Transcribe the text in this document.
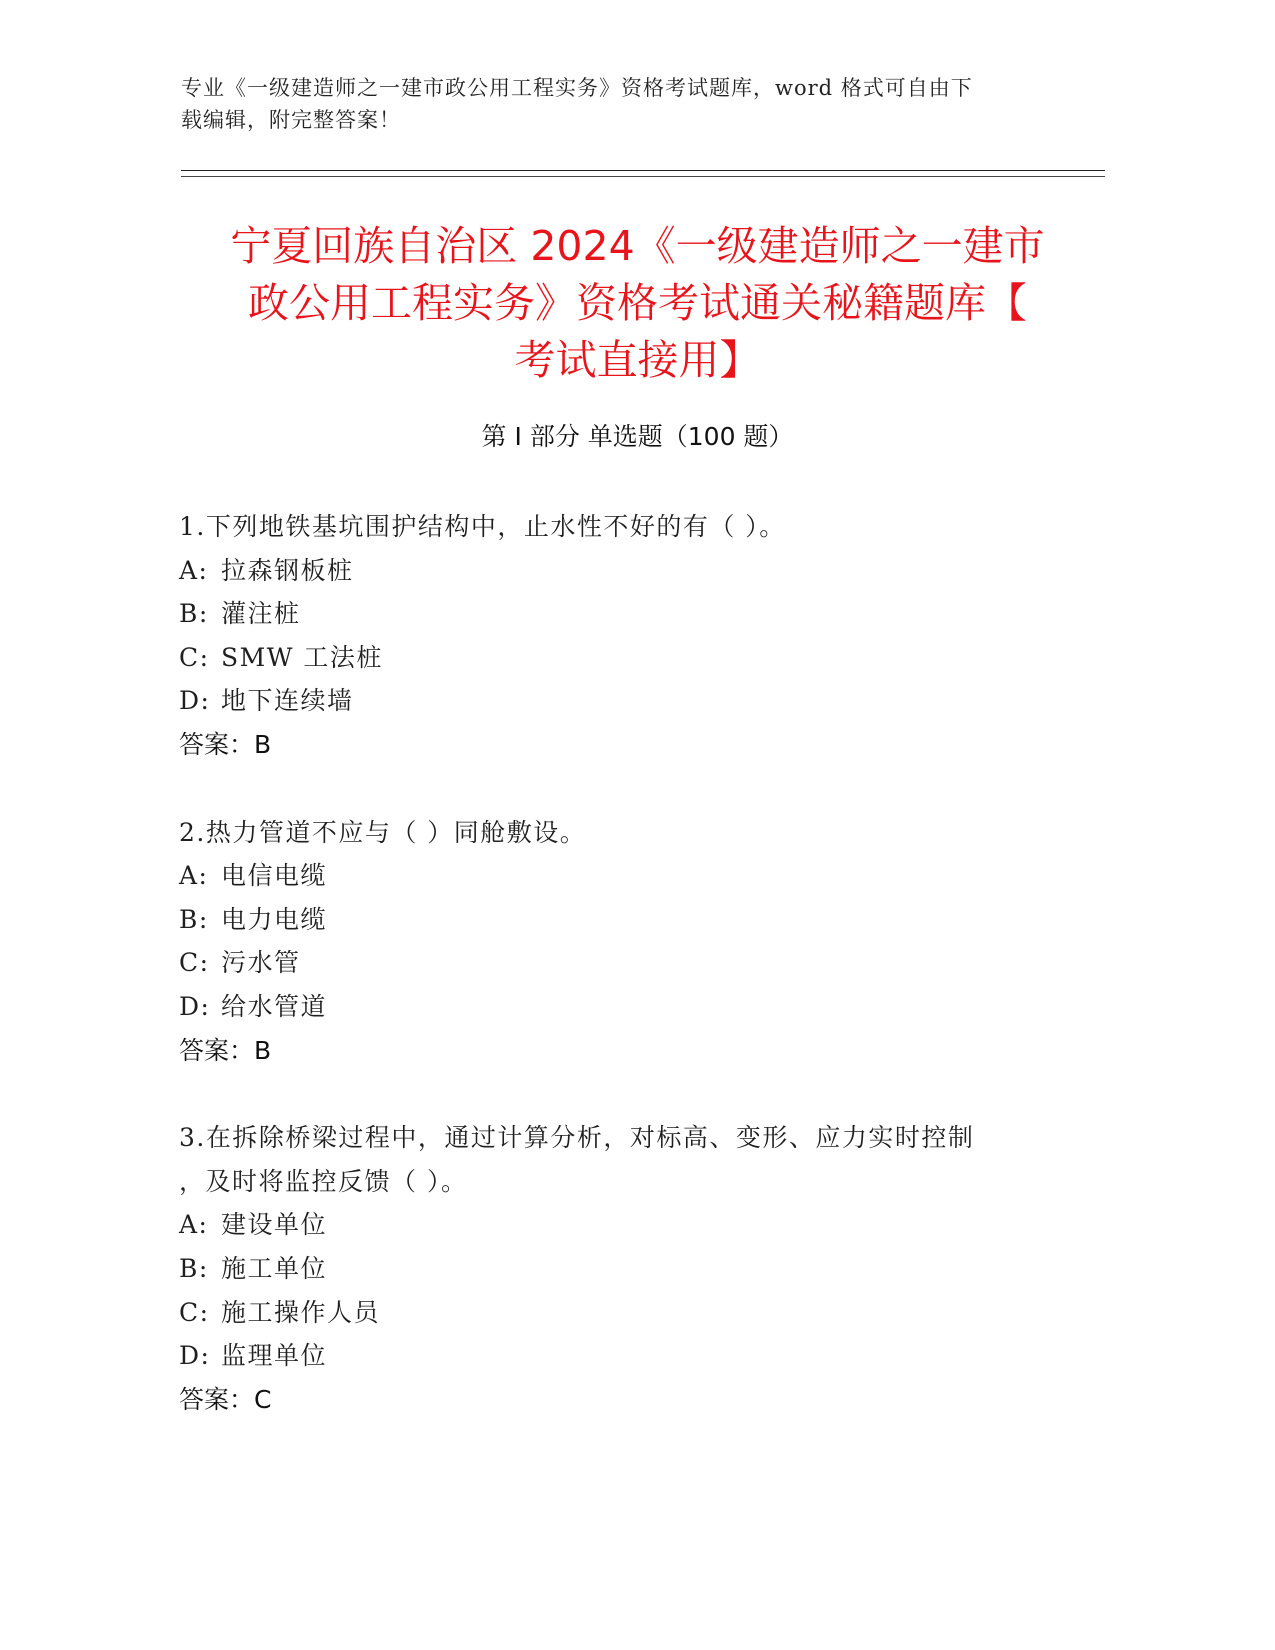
专业《一级建造师之一建市政公用工程实务》资格考试题库，word 格式可自由下
载编辑，附完整答案！
宁夏回族自治区 2024《一级建造师之一建市
政公用工程实务》资格考试通关秘籍题库【
考试直接用】
第 I 部分 单选题（100 题）
1.下列地铁基坑围护结构中，止水性不好的有（ ）。
A: 拉森钢板桩
B: 灌注桩
C: SMW 工法桩
D: 地下连续墙
答案：B
2.热力管道不应与（ ）同舱敷设。
A: 电信电缆
B: 电力电缆
C: 污水管
D: 给水管道
答案：B
3.在拆除桥梁过程中，通过计算分析，对标高、变形、应力实时控制
，及时将监控反馈（ ）。
A: 建设单位
B: 施工单位
C: 施工操作人员
D: 监理单位
答案：C
